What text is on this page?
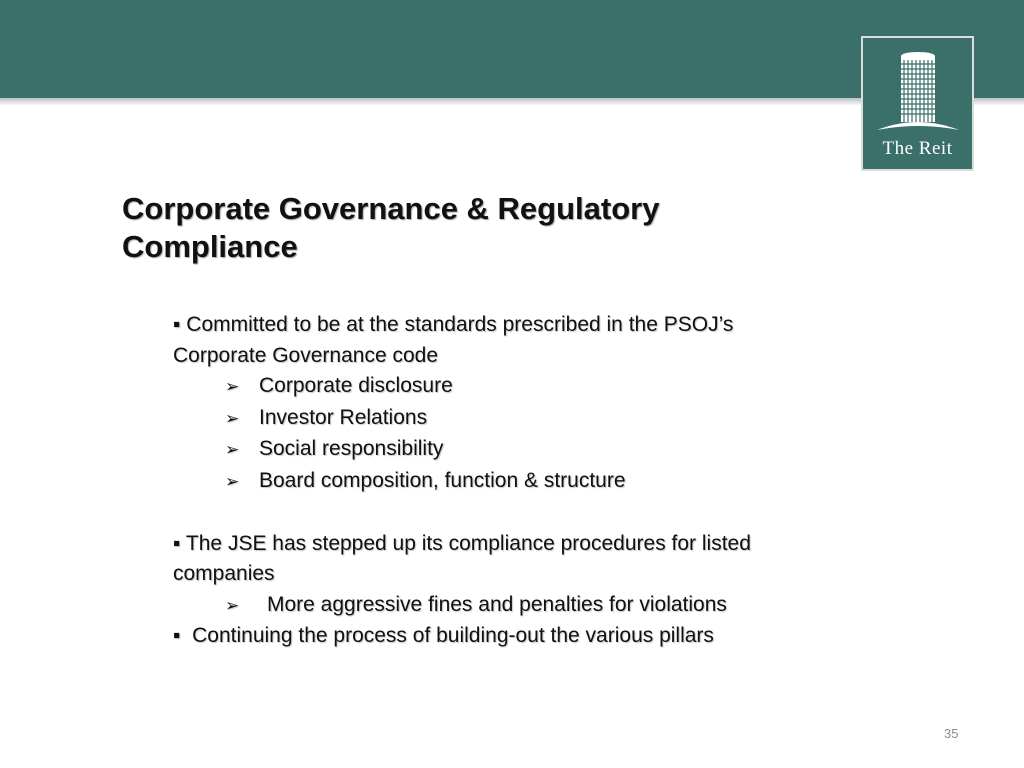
The Reit
Corporate Governance & Regulatory Compliance

▪ Committed to be at the standards prescribed in the PSOJ’s Corporate Governance code

➢ Corporate disclosure

➢ Investor Relations

➢ Social responsibility

➢ Board composition, function & structure

▪ The JSE has stepped up its compliance procedures for listed companies

➢ More aggressive fines and penalties for violations

▪ Continuing the process of building-out the various pillars

35
